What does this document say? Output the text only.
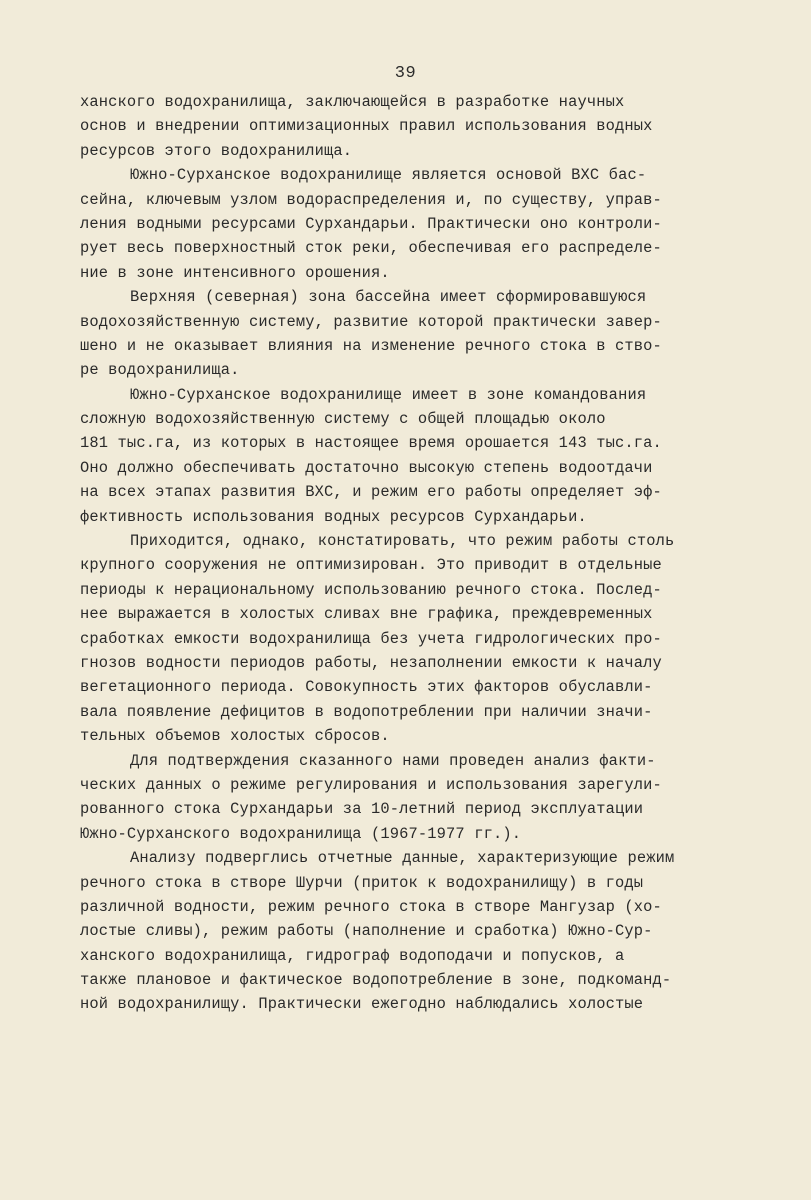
39
ханского водохранилища, заключающейся в разработке научных
основ и внедрении оптимизационных правил использования водных
ресурсов этого водохранилища.
Южно-Сурханское водохранилище является основой ВХС бас-
сейна, ключевым узлом водораспределения и, по существу, управ-
ления водными ресурсами Сурхандарьи. Практически оно контроли-
рует весь поверхностный сток реки, обеспечивая его распределе-
ние в зоне интенсивного орошения.
Верхняя (северная) зона бассейна имеет сформировавшуюся
водохозяйственную систему, развитие которой практически завер-
шено и не оказывает влияния на изменение речного стока в ство-
ре водохранилища.
Южно-Сурханское водохранилище имеет в зоне командования
сложную водохозяйственную систему с общей площадью около
181 тыс.га, из которых в настоящее время орошается 143 тыс.га.
Оно должно обеспечивать достаточно высокую степень водоотдачи
на всех этапах развития ВХС, и режим его работы определяет эф-
фективность использования водных ресурсов Сурхандарьи.
Приходится, однако, констатировать, что режим работы столь
крупного сооружения не оптимизирован. Это приводит в отдельные
периоды к нерациональному использованию речного стока. Послед-
нее выражается в холостых сливах вне графика, преждевременных
сработках емкости водохранилища без учета гидрологических про-
гнозов водности периодов работы, незаполнении емкости к началу
вегетационного периода. Совокупность этих факторов обуславли-
вала появление дефицитов в водопотреблении при наличии значи-
тельных объемов холостых сбросов.
Для подтверждения сказанного нами проведен анализ факти-
ческих данных о режиме регулирования и использования зарегули-
рованного стока Сурхандарьи за 10-летний период эксплуатации
Южно-Сурханского водохранилища (1967-1977 гг.).
Анализу подверглись отчетные данные, характеризующие режим
речного стока в створе Шурчи (приток к водохранилищу) в годы
различной водности, режим речного стока в створе Мангузар (хо-
лостые сливы), режим работы (наполнение и сработка) Южно-Сур-
ханского водохранилища, гидрограф водоподачи и попусков, а
также плановое и фактическое водопотребление в зоне, подкоманд-
ной водохранилищу. Практически ежегодно наблюдались холостые
